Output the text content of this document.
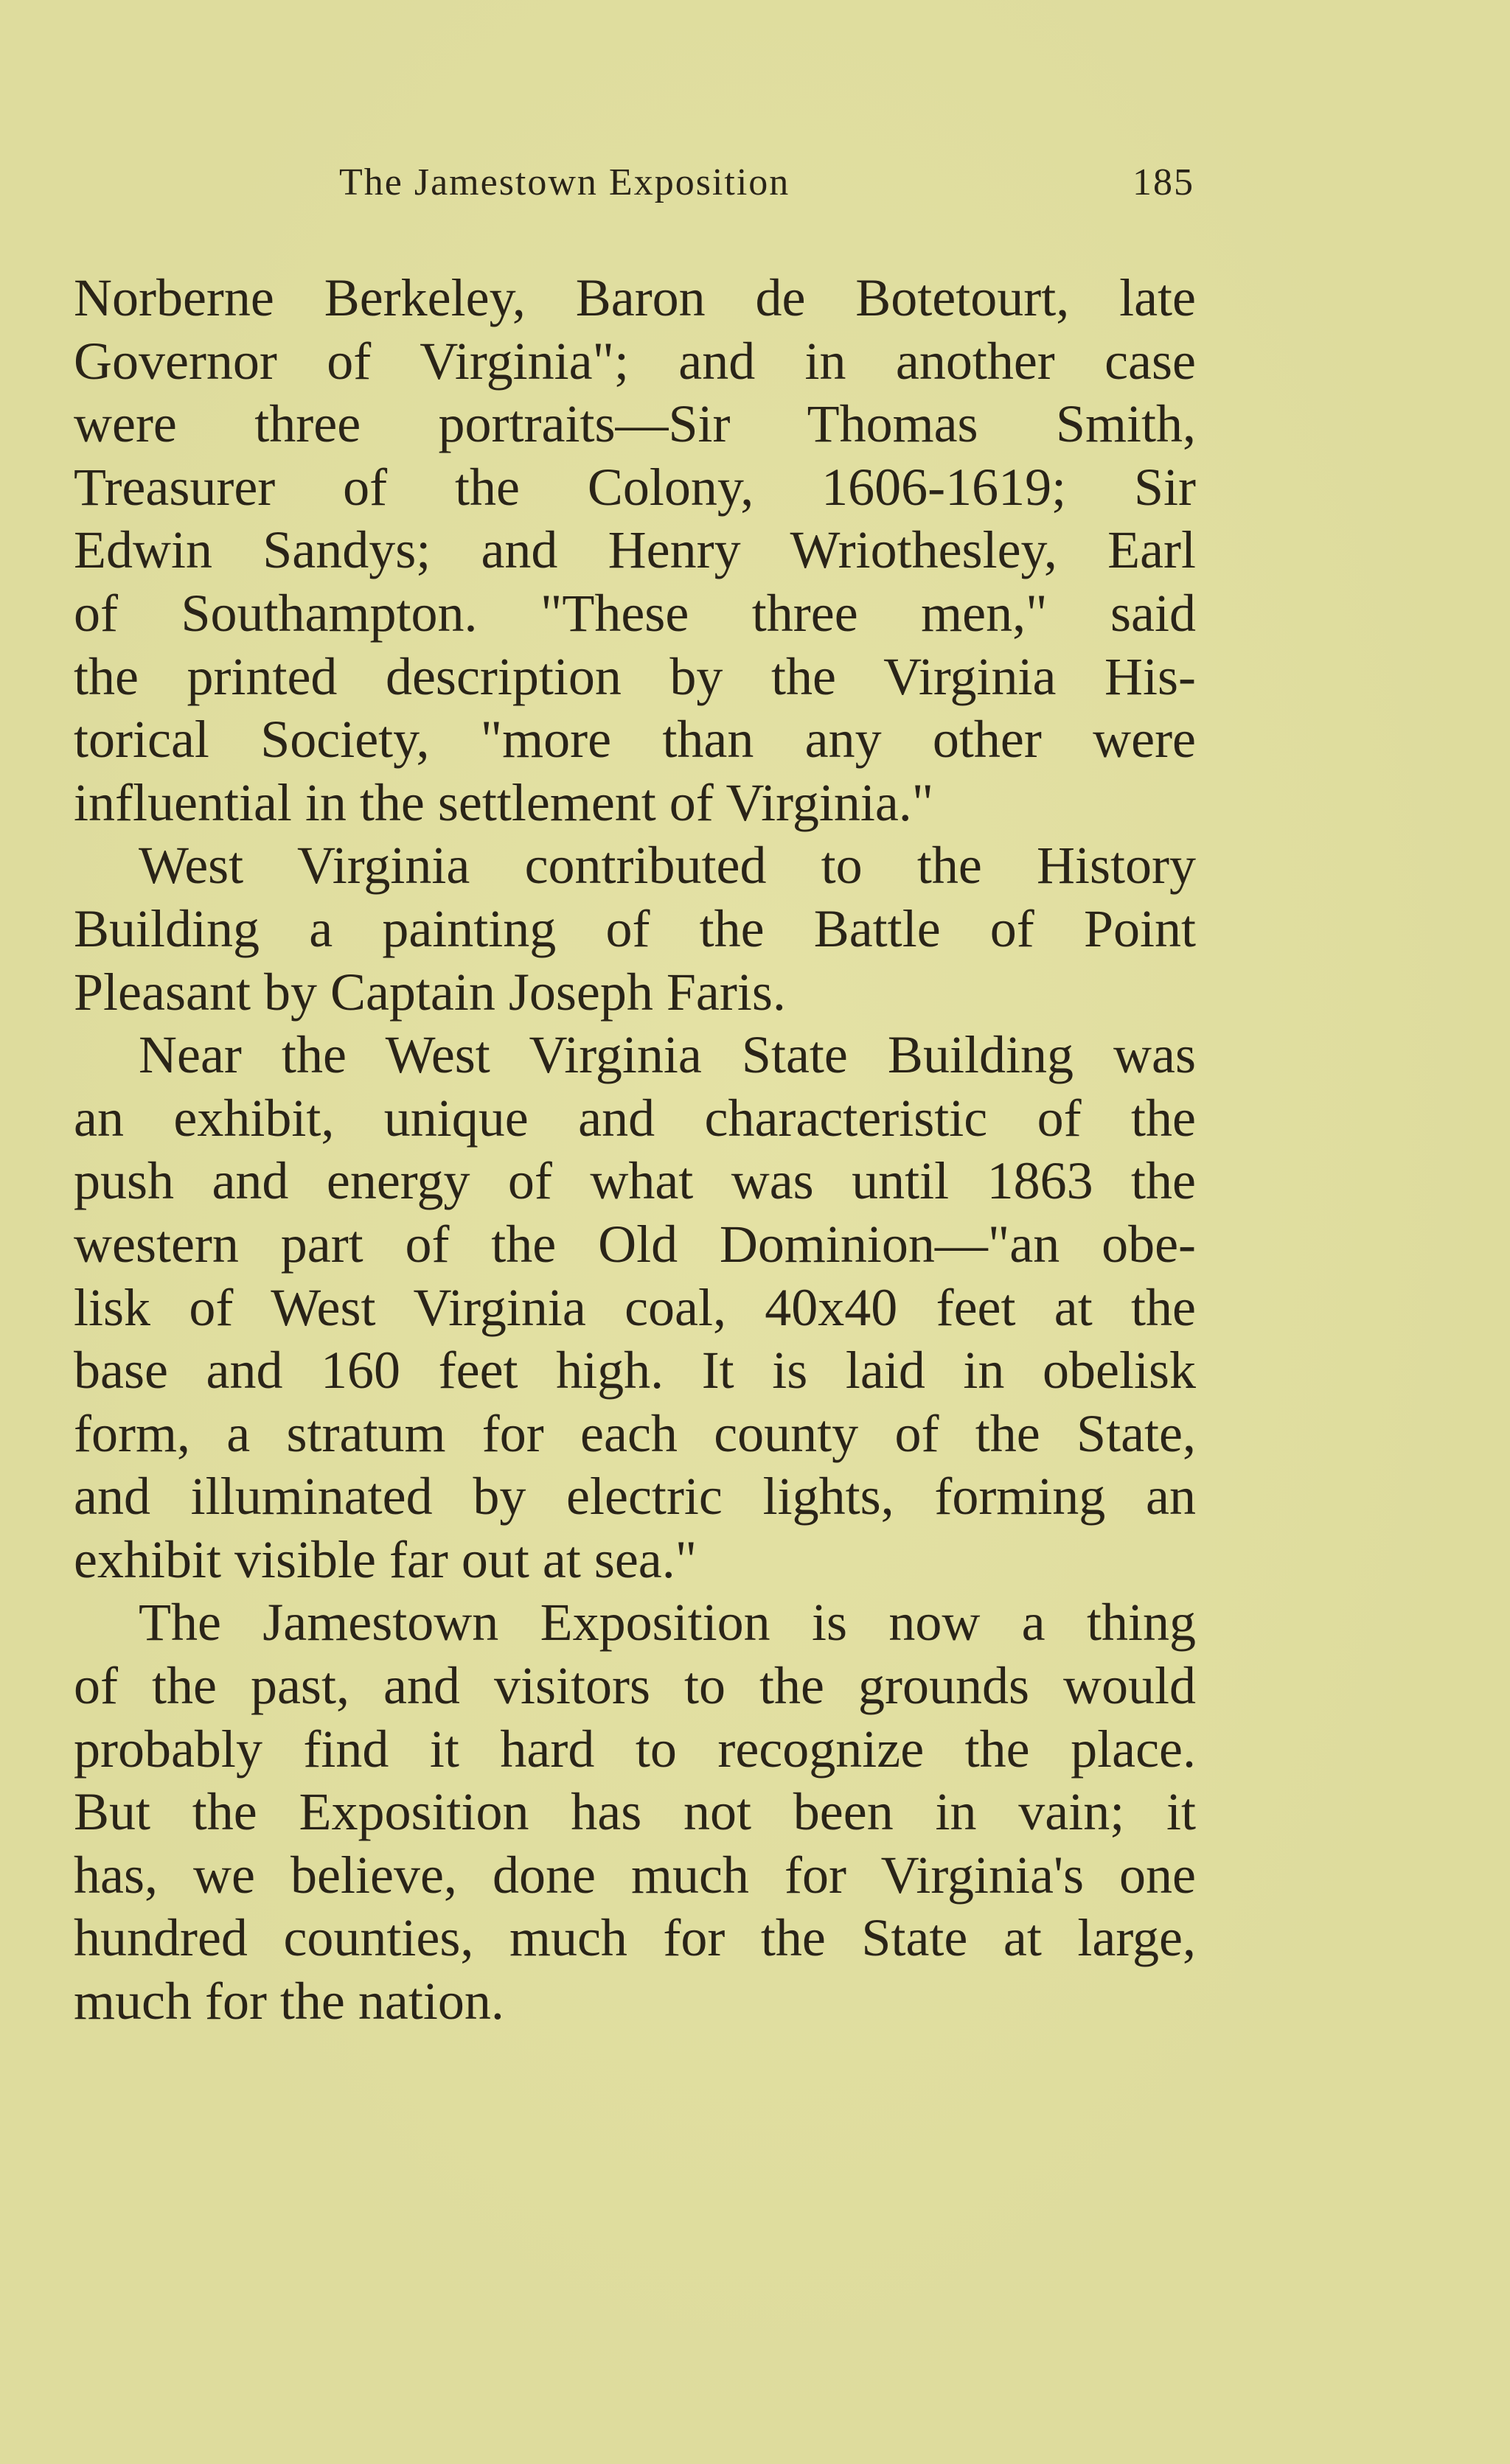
The Jamestown Exposition	185
Norberne Berkeley, Baron de Botetourt, late
Governor of Virginia"; and in another case
were three portraits—Sir Thomas Smith,
Treasurer of the Colony, 1606-1619; Sir
Edwin Sandys; and Henry Wriothesley, Earl
of Southampton. "These three men," said
the printed description by the Virginia His-
torical Society, "more than any other were
influential in the settlement of Virginia."
West Virginia contributed to the History
Building a painting of the Battle of Point
Pleasant by Captain Joseph Faris.
Near the West Virginia State Building was
an exhibit, unique and characteristic of the
push and energy of what was until 1863 the
western part of the Old Dominion—"an obe-
lisk of West Virginia coal, 40x40 feet at the
base and 160 feet high. It is laid in obelisk
form, a stratum for each county of the State,
and illuminated by electric lights, forming an
exhibit visible far out at sea."
The Jamestown Exposition is now a thing
of the past, and visitors to the grounds would
probably find it hard to recognize the place.
But the Exposition has not been in vain; it
has, we believe, done much for Virginia's one
hundred counties, much for the State at large,
much for the nation.
